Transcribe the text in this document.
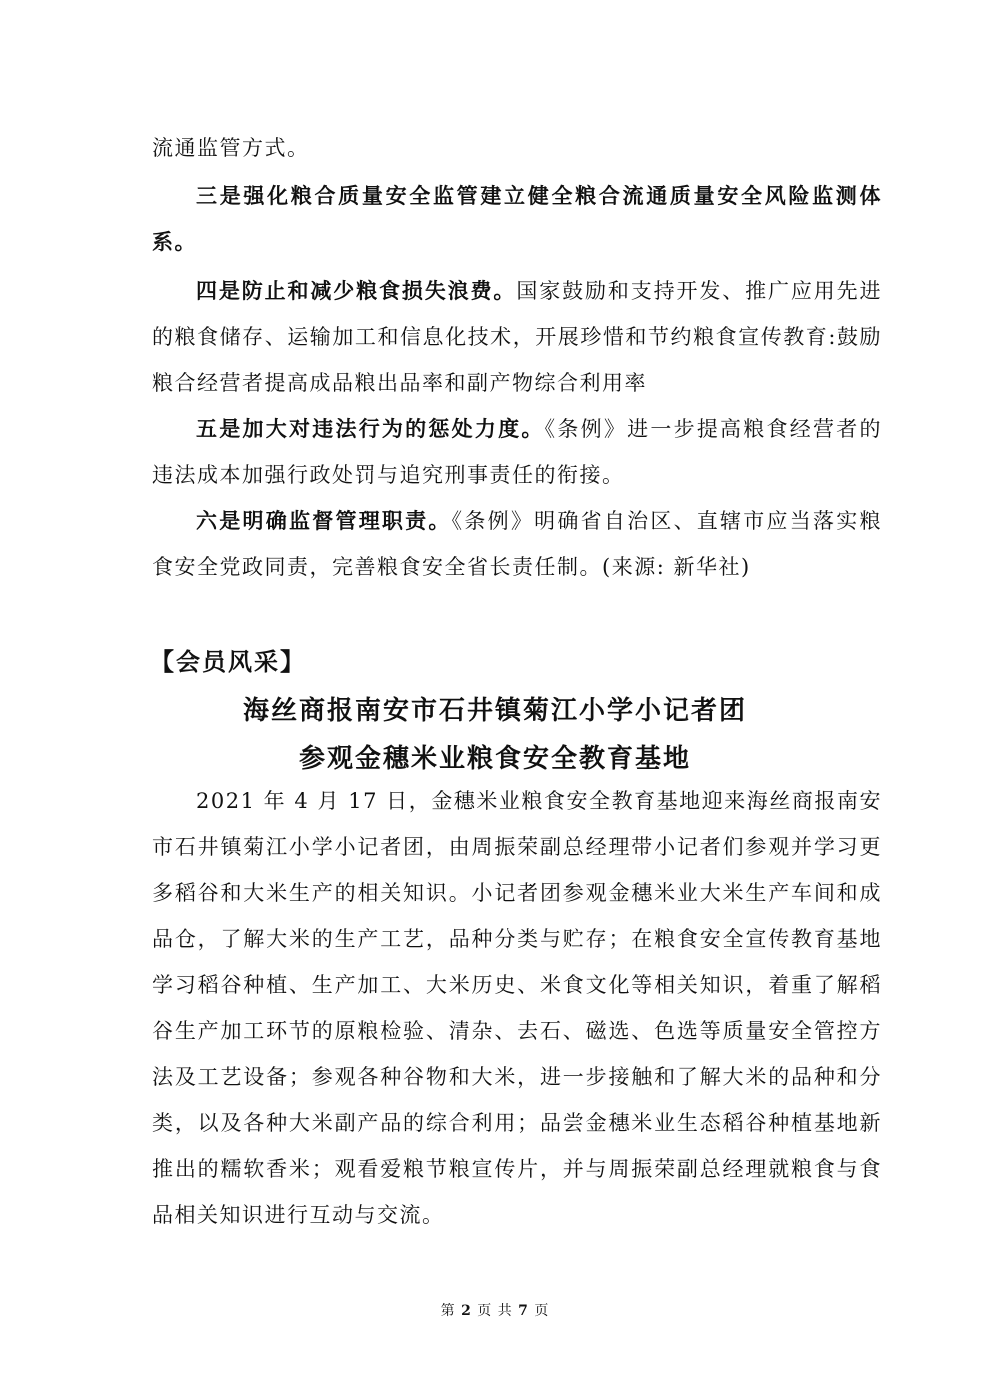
流通监管方式。
三是强化粮合质量安全监管建立健全粮合流通质量安全风险监测体系。
四是防止和减少粮食损失浪费。国家鼓励和支持开发、推广应用先进的粮食储存、运输加工和信息化技术，开展珍惜和节约粮食宣传教育:鼓励粮合经营者提高成品粮出品率和副产物综合利用率
五是加大对违法行为的惩处力度。《条例》进一步提高粮食经营者的违法成本加强行政处罚与追究刑事责任的衔接。
六是明确监督管理职责。《条例》明确省自治区、直辖市应当落实粮食安全党政同责，完善粮食安全省长责任制。(来源: 新华社)
【会员风采】
海丝商报南安市石井镇菊江小学小记者团
参观金穗米业粮食安全教育基地
2021 年 4 月 17 日，金穗米业粮食安全教育基地迎来海丝商报南安市石井镇菊江小学小记者团，由周振荣副总经理带小记者们参观并学习更多稻谷和大米生产的相关知识。小记者团参观金穗米业大米生产车间和成品仓，了解大米的生产工艺，品种分类与贮存；在粮食安全宣传教育基地学习稻谷种植、生产加工、大米历史、米食文化等相关知识，着重了解稻谷生产加工环节的原粮检验、清杂、去石、磁选、色选等质量安全管控方法及工艺设备；参观各种谷物和大米，进一步接触和了解大米的品种和分类，以及各种大米副产品的综合利用；品尝金穗米业生态稻谷种植基地新推出的糯软香米；观看爱粮节粮宣传片，并与周振荣副总经理就粮食与食品相关知识进行互动与交流。
第 2 页 共 7 页
